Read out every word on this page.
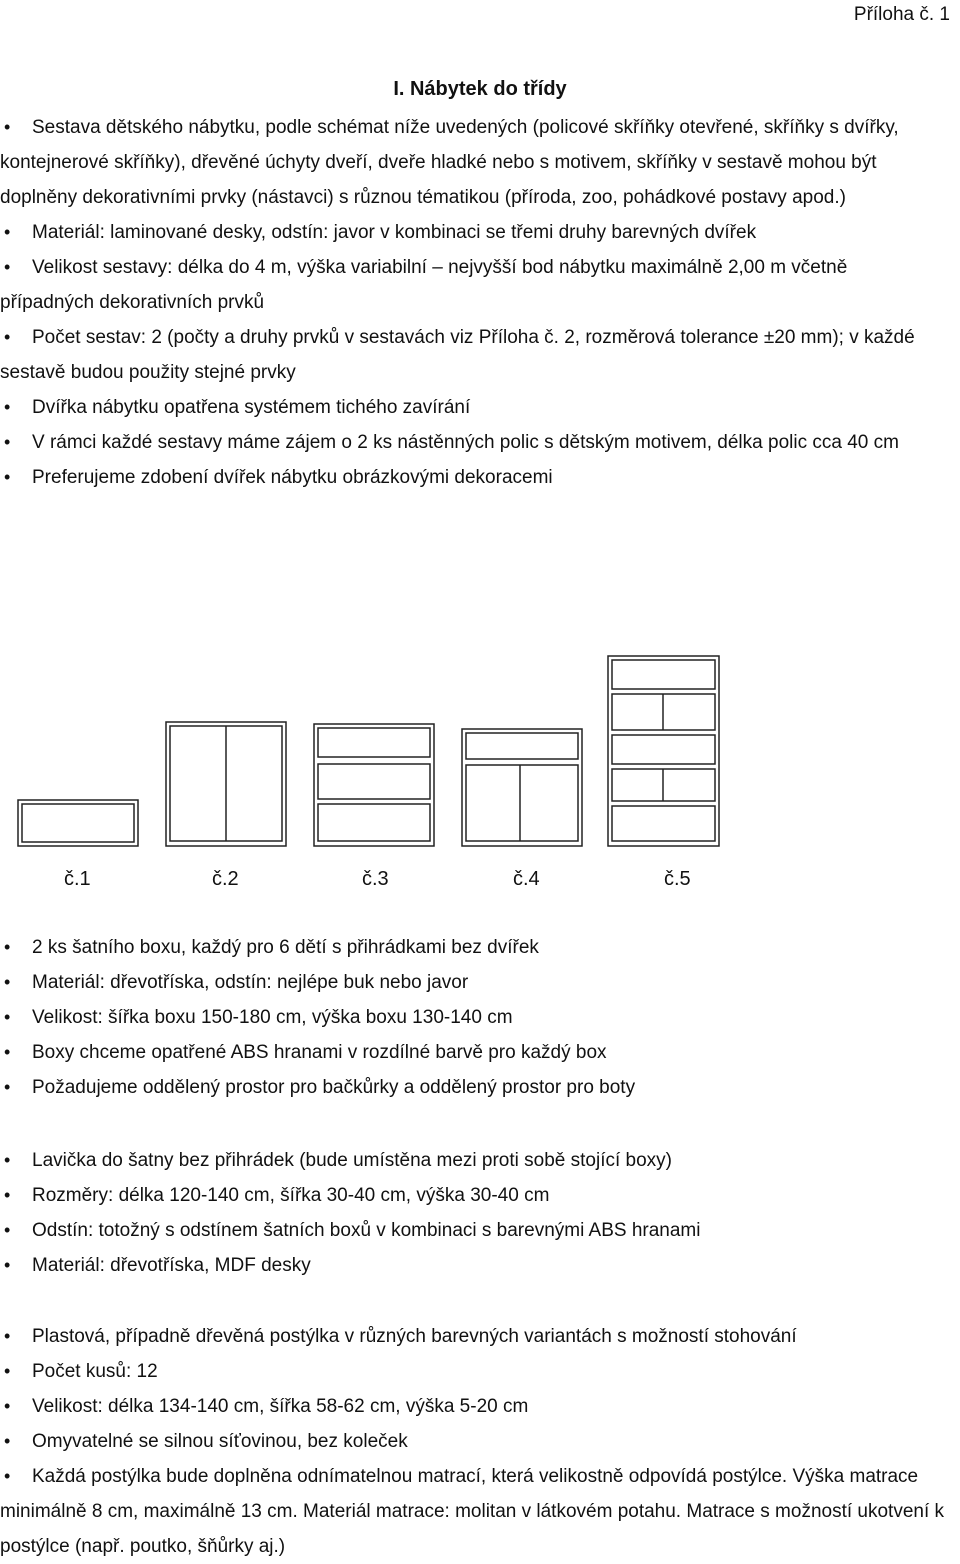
Příloha č. 1
I. Nábytek do třídy
• Sestava dětského nábytku, podle schémat níže uvedených (policové skříňky otevřené, skříňky s dvířky, kontejnerové skříňky), dřevěné úchyty dveří, dveře hladké nebo s motivem, skříňky v sestavě mohou být doplněny dekorativními prvky (nástavci) s různou tématikou (příroda, zoo, pohádkové postavy apod.)
• Materiál: laminované desky, odstín: javor v kombinaci se třemi druhy barevných dvířek
• Velikost sestavy: délka do 4 m, výška variabilní – nejvyšší bod nábytku maximálně 2,00 m včetně případných dekorativních prvků
• Počet sestav: 2 (počty a druhy prvků v sestavách viz Příloha č. 2, rozměrová tolerance ±20 mm); v každé sestavě budou použity stejné prvky
• Dvířka nábytku opatřena systémem tichého zavírání
• V rámci každé sestavy máme zájem o 2 ks nástěnných polic s dětským motivem, délka polic cca 40 cm
• Preferujeme zdobení dvířek nábytku obrázkovými dekoracemi
č.1	č.2	č.3	č.4	č.5
• 2 ks šatního boxu, každý pro 6 dětí s přihrádkami bez dvířek
• Materiál: dřevotříska, odstín: nejlépe buk nebo javor
• Velikost: šířka boxu 150-180 cm, výška boxu 130-140 cm
• Boxy chceme opatřené ABS hranami v rozdílné barvě pro každý box
• Požadujeme oddělený prostor pro bačkůrky a oddělený prostor pro boty
• Lavička do šatny bez přihrádek (bude umístěna mezi proti sobě stojící boxy)
• Rozměry: délka 120-140 cm, šířka 30-40 cm, výška 30-40 cm
• Odstín: totožný s odstínem šatních boxů v kombinaci s barevnými ABS hranami
• Materiál: dřevotříska, MDF desky
• Plastová, případně dřevěná postýlka v různých barevných variantách s možností stohování
• Počet kusů: 12
• Velikost: délka 134-140 cm, šířka 58-62 cm, výška 5-20 cm
• Omyvatelné se silnou síťovinou, bez koleček
• Každá postýlka bude doplněna odnímatelnou matrací, která velikostně odpovídá postýlce. Výška matrace minimálně 8 cm, maximálně 13 cm. Materiál matrace: molitan v látkovém potahu. Matrace s možností ukotvení k postýlce (např. poutko, šňůrky aj.)
